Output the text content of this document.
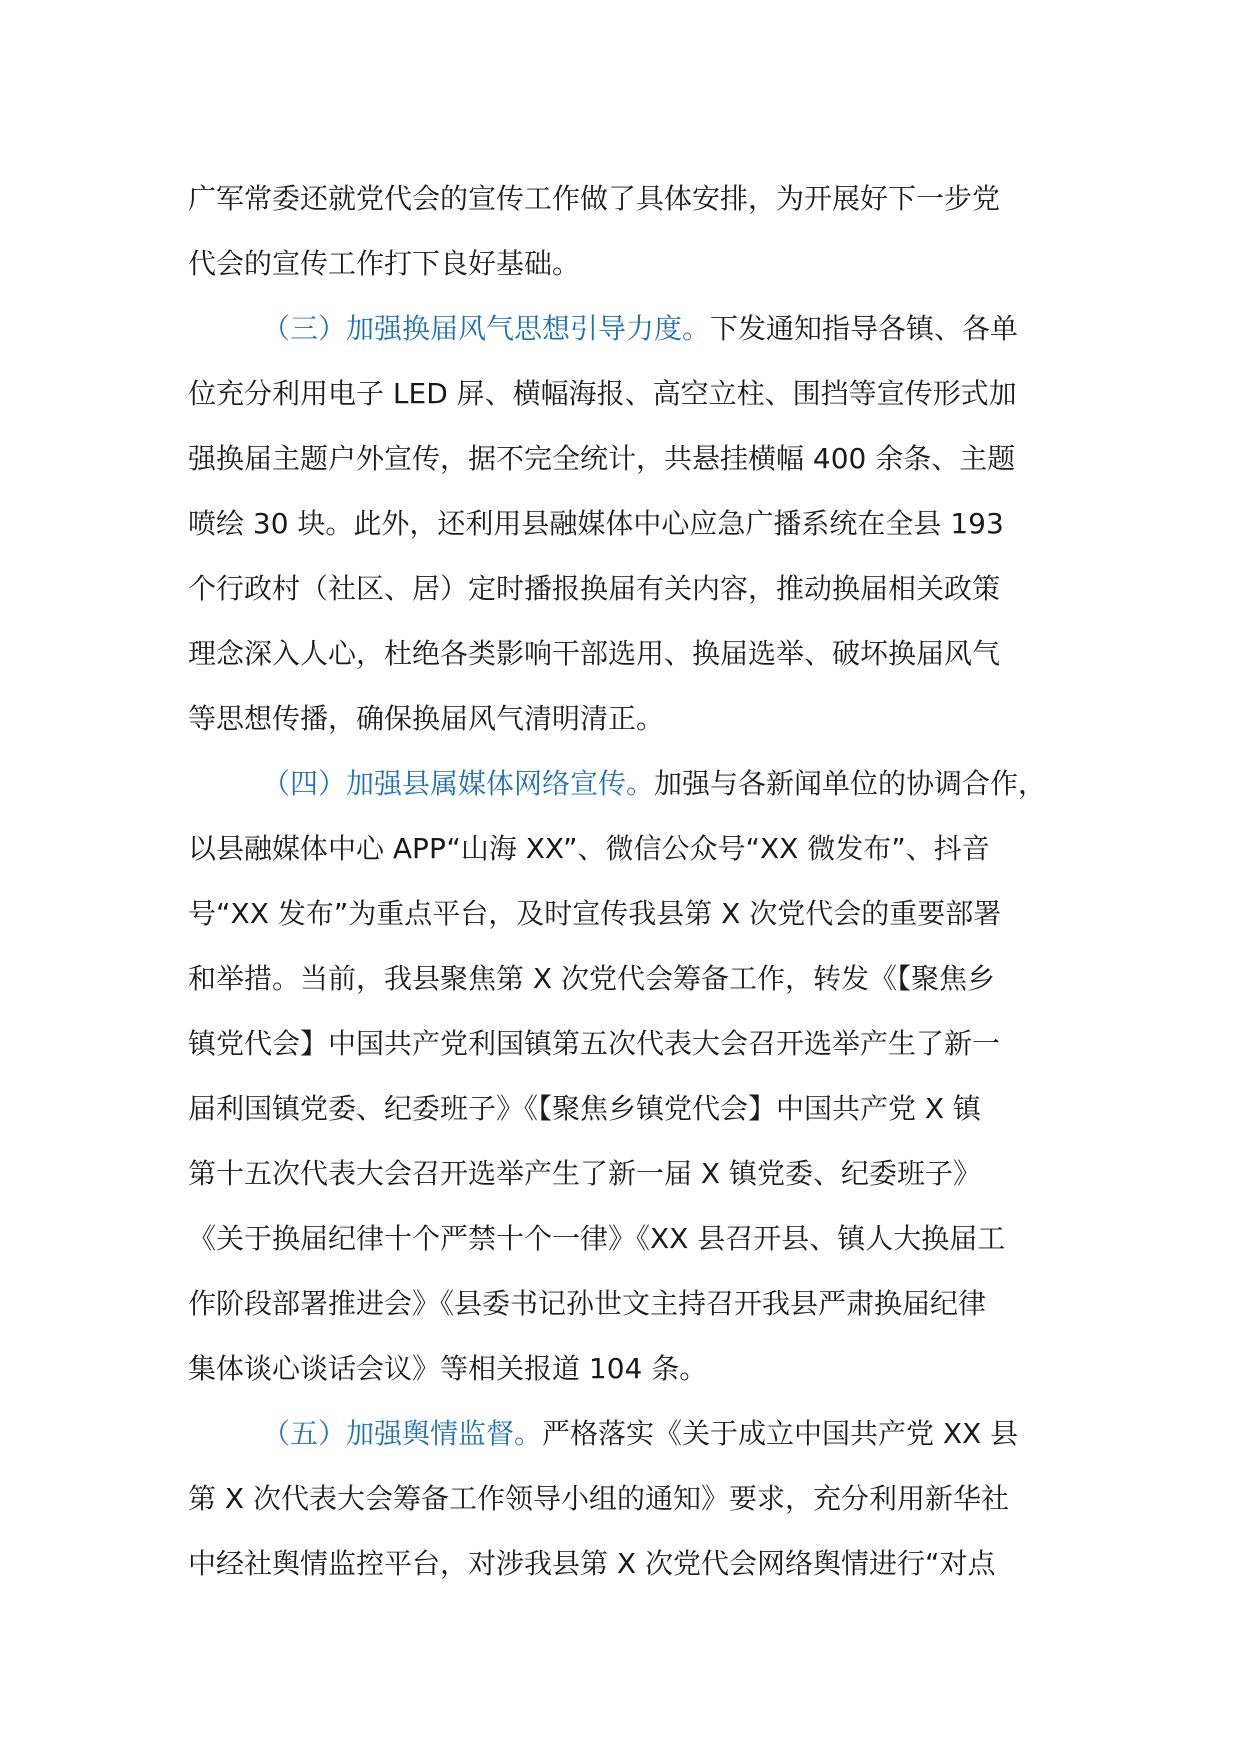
广军常委还就党代会的宣传工作做了具体安排，为开展好下一步党
代会的宣传工作打下良好基础。
（三）加强换届风气思想引导力度。下发通知指导各镇、各单
位充分利用电子 LED 屏、横幅海报、高空立柱、围挡等宣传形式加
强换届主题户外宣传，据不完全统计，共悬挂横幅 400 余条、主题
喷绘 30 块。此外，还利用县融媒体中心应急广播系统在全县 193
个行政村（社区、居）定时播报换届有关内容，推动换届相关政策
理念深入人心，杜绝各类影响干部选用、换届选举、破坏换届风气
等思想传播，确保换届风气清明清正。
（四）加强县属媒体网络宣传。加强与各新闻单位的协调合作，
以县融媒体中心 APP“山海 XX”、微信公众号“XX 微发布”、抖音
号“XX 发布”为重点平台，及时宣传我县第 X 次党代会的重要部署
和举措。当前，我县聚焦第 X 次党代会筹备工作，转发《【聚焦乡
镇党代会】中国共产党利国镇第五次代表大会召开选举产生了新一
届利国镇党委、纪委班子》《【聚焦乡镇党代会】中国共产党 X 镇
第十五次代表大会召开选举产生了新一届 X 镇党委、纪委班子》
《关于换届纪律十个严禁十个一律》《XX 县召开县、镇人大换届工
作阶段部署推进会》《县委书记孙世文主持召开我县严肃换届纪律
集体谈心谈话会议》等相关报道 104 条。
（五）加强舆情监督。严格落实《关于成立中国共产党 XX 县
第 X 次代表大会筹备工作领导小组的通知》要求，充分利用新华社
中经社舆情监控平台，对涉我县第 X 次党代会网络舆情进行“对点
